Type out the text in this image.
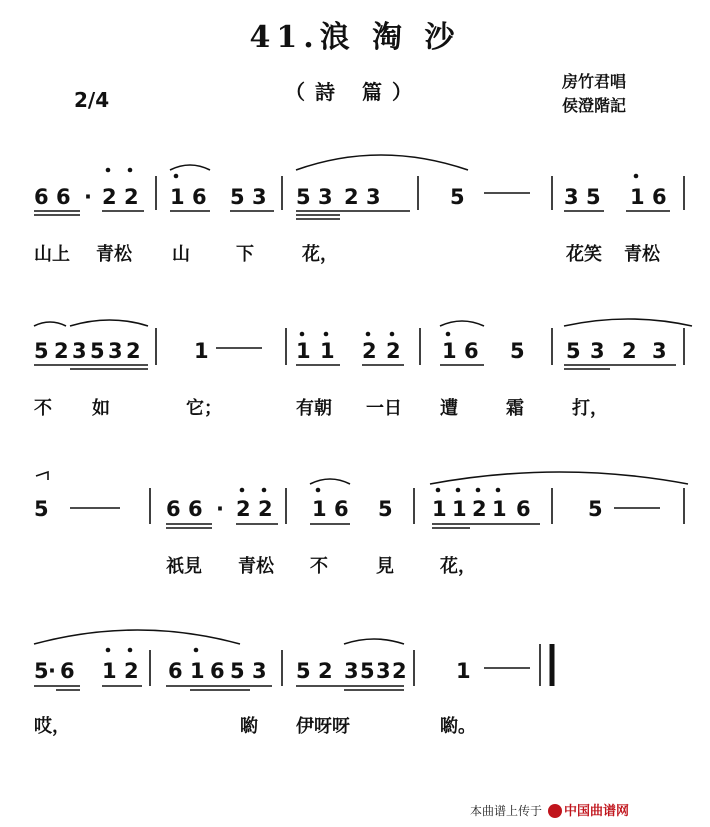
41.浪 淘 沙
（詩 篇）
2/4
房竹君唱
侯澄階記
6 6 · 2 2 1 6 5 3 5 3 2 3	5	3 5 1 6
山上 青松 山	下	花，	花笑 青松
5 2 3 5 3 2	1	1 1 2 2 1 6 5 5 3 2 3
不 如	它；	有朝 一日 遭	霜	打，
5	6 6 · 2 2 1 6 5 1 1 2 1 6	5
祇見 青松 不	見	花，
5 · 6 1 2 6 1 6 5 3 5 2 3 5 3 2 1
哎，	喲 伊呀呀	喲。
本曲谱上传于 中国曲谱网
